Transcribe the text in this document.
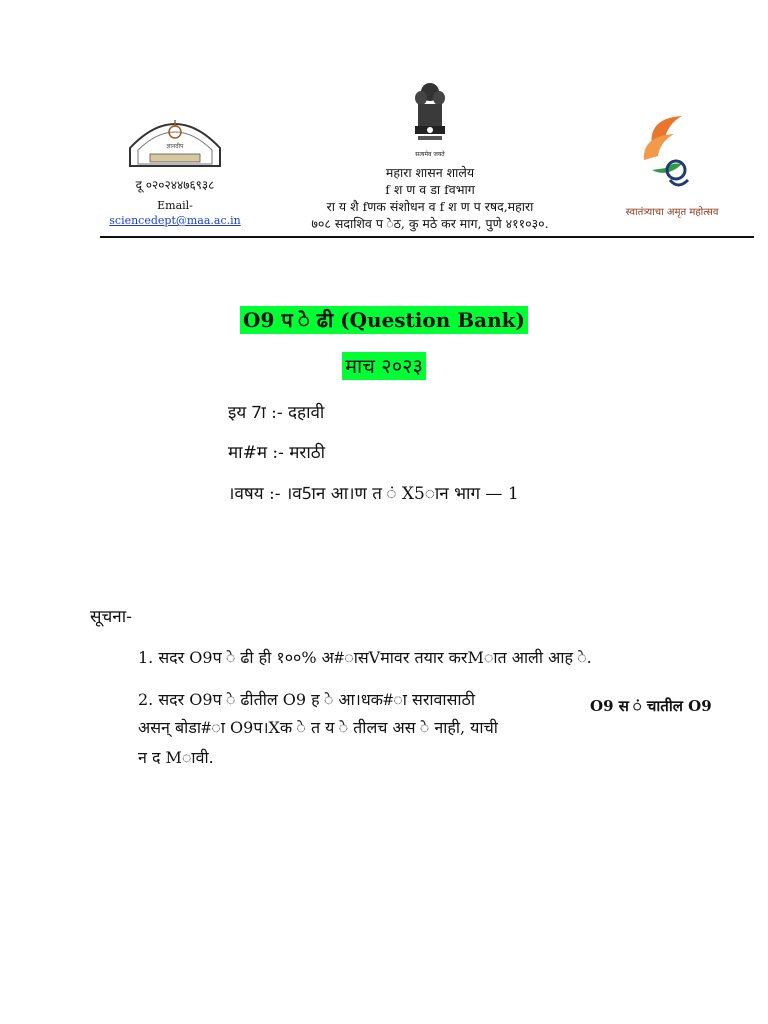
ज्ञानदीप
दू ०२०२४४७६९३८
Email-
sciencedept@maa.ac.in
सत्यमेव जयते
महारा शासन शालेय
f श ण व डा fवभाग
रा य शै fणक संशोधन व f श ण प रषद,महारा
७०८ सदाशिव प ेठ, कु मठे कर माग, पुणे ४११०३०.
स्वातंत्र्याचा अमृत महोत्सव
O9 प े ढी (Question Bank)
माच २०२३
इय 7ा :- दहावी
मा#म :- मराठी
।वषय :- ।व5ान आ।ण त ं X5ान भाग — 1
सूचना-
1. सदर O9प े ढी ही १००% अ#ासVमावर तयार करMात आली आह े.
2. सदर O9प े ढीतील O9 ह े आ।धक#ा सरावासाठी
असन् बोडा#ा O9प।Xक े त य े तीलच अस े नाही, याची
न द Mावी.
O9 स ं चातील O9
